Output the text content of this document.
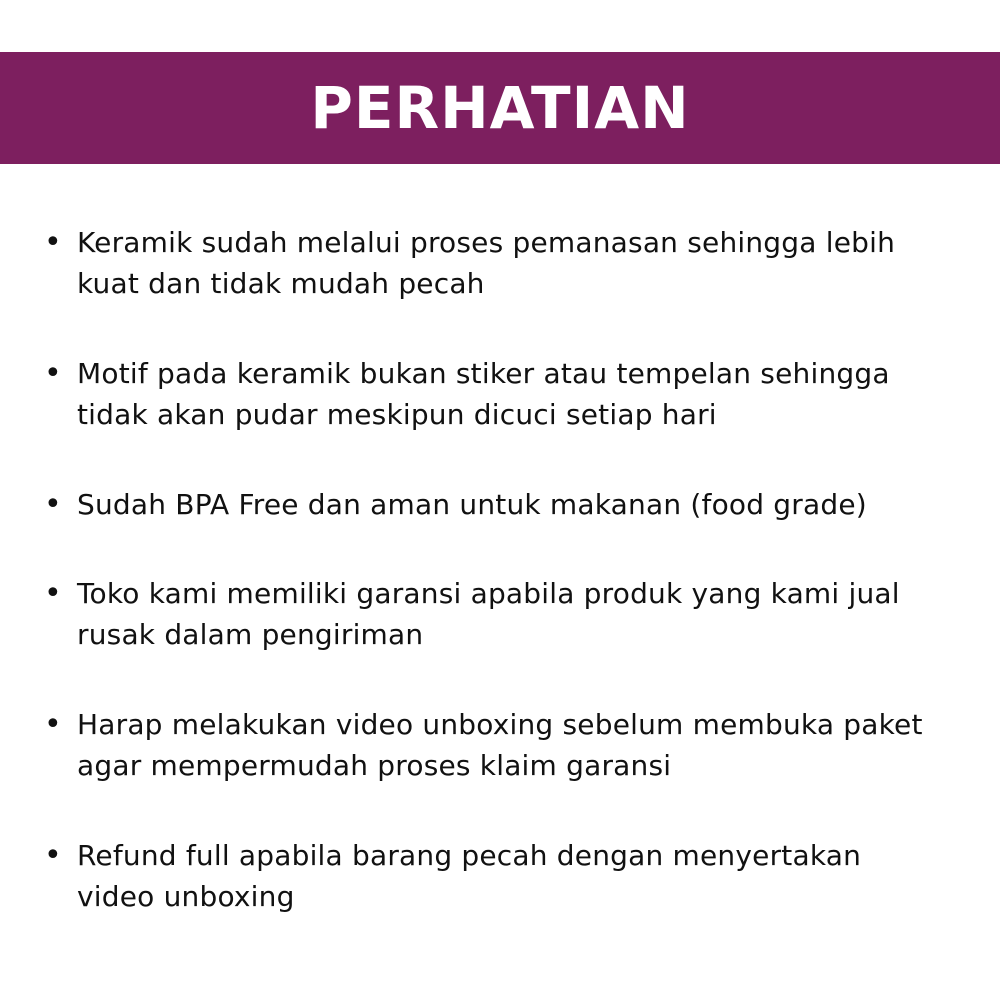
PERHATIAN
• Keramik sudah melalui proses pemanasan sehingga lebih
kuat dan tidak mudah pecah
• Motif pada keramik bukan stiker atau tempelan sehingga
tidak akan pudar meskipun dicuci setiap hari
• Sudah BPA Free dan aman untuk makanan (food grade)
• Toko kami memiliki garansi apabila produk yang kami jual
rusak dalam pengiriman
• Harap melakukan video unboxing sebelum membuka paket
agar mempermudah proses klaim garansi
• Refund full apabila barang pecah dengan menyertakan
video unboxing
